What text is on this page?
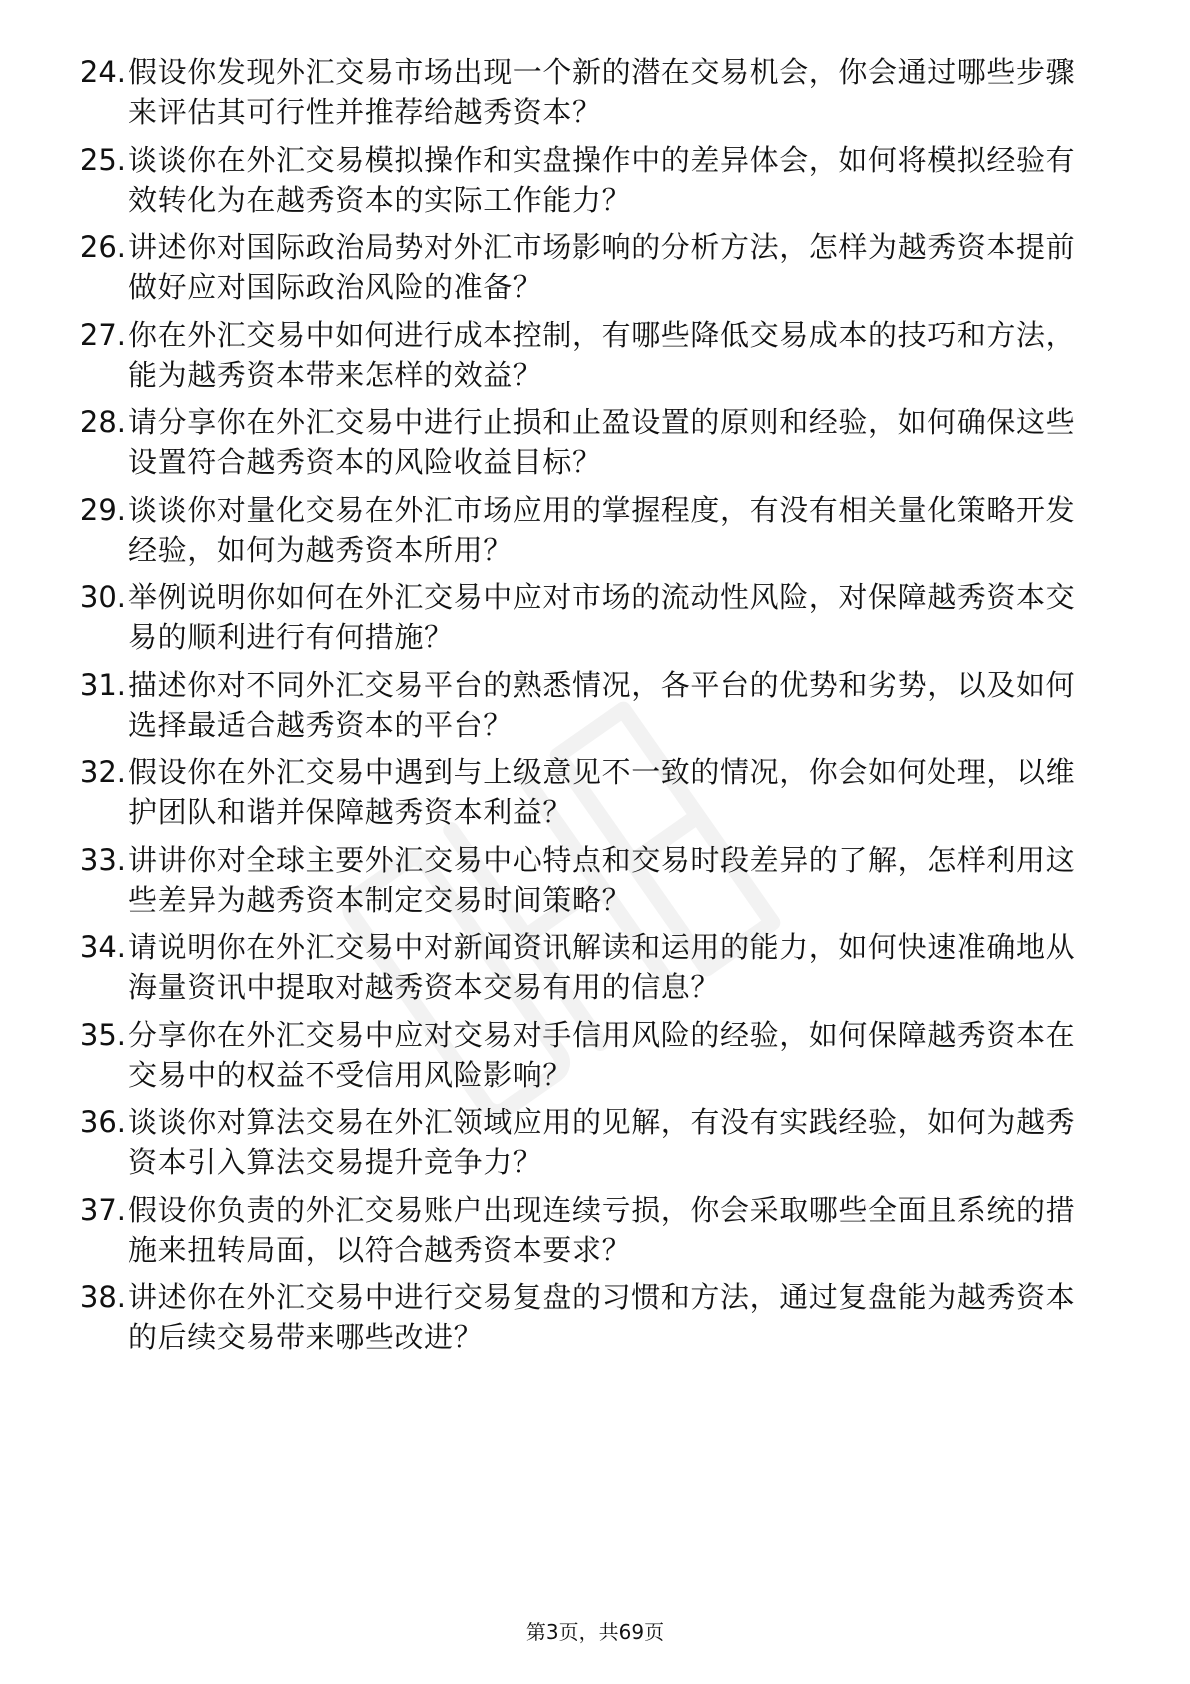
24. 假设你发现外汇交易市场出现一个新的潜在交易机会，你会通过哪些步骤来评估其可行性并推荐给越秀资本？
25. 谈谈你在外汇交易模拟操作和实盘操作中的差异体会，如何将模拟经验有效转化为在越秀资本的实际工作能力？
26. 讲述你对国际政治局势对外汇市场影响的分析方法，怎样为越秀资本提前做好应对国际政治风险的准备？
27. 你在外汇交易中如何进行成本控制，有哪些降低交易成本的技巧和方法，能为越秀资本带来怎样的效益？
28. 请分享你在外汇交易中进行止损和止盈设置的原则和经验，如何确保这些设置符合越秀资本的风险收益目标？
29. 谈谈你对量化交易在外汇市场应用的掌握程度，有没有相关量化策略开发经验，如何为越秀资本所用？
30. 举例说明你如何在外汇交易中应对市场的流动性风险，对保障越秀资本交易的顺利进行有何措施？
31. 描述你对不同外汇交易平台的熟悉情况，各平台的优势和劣势，以及如何选择最适合越秀资本的平台？
32. 假设你在外汇交易中遇到与上级意见不一致的情况，你会如何处理，以维护团队和谐并保障越秀资本利益？
33. 讲讲你对全球主要外汇交易中心特点和交易时段差异的了解，怎样利用这些差异为越秀资本制定交易时间策略？
34. 请说明你在外汇交易中对新闻资讯解读和运用的能力，如何快速准确地从海量资讯中提取对越秀资本交易有用的信息？
35. 分享你在外汇交易中应对交易对手信用风险的经验，如何保障越秀资本在交易中的权益不受信用风险影响？
36. 谈谈你对算法交易在外汇领域应用的见解，有没有实践经验，如何为越秀资本引入算法交易提升竞争力？
37. 假设你负责的外汇交易账户出现连续亏损，你会采取哪些全面且系统的措施来扭转局面，以符合越秀资本要求？
38. 讲述你在外汇交易中进行交易复盘的习惯和方法，通过复盘能为越秀资本的后续交易带来哪些改进？
第3页，共69页
